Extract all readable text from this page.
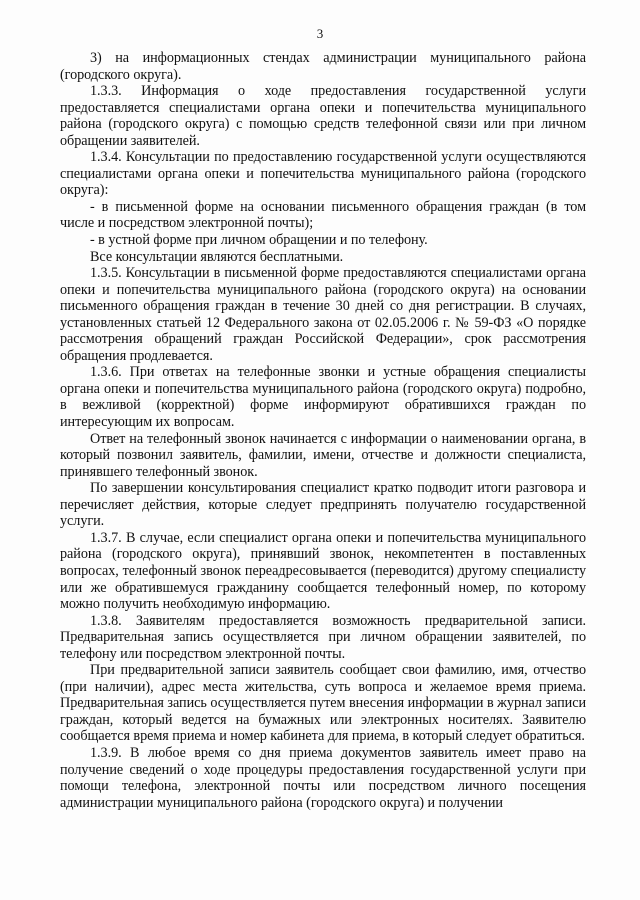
3

3) на информационных стендах администрации муниципального района (городского округа).

1.3.3. Информация о ходе предоставления государственной услуги предоставляется специалистами органа опеки и попечительства муниципального района (городского округа) с помощью средств телефонной связи или при личном обращении заявителей.

1.3.4. Консультации по предоставлению государственной услуги осуществляются специалистами органа опеки и попечительства муниципального района (городского округа):

- в письменной форме на основании письменного обращения граждан (в том числе и посредством электронной почты);

- в устной форме при личном обращении и по телефону.

Все консультации являются бесплатными.

1.3.5. Консультации в письменной форме предоставляются специалистами органа опеки и попечительства муниципального района (городского округа) на основании письменного обращения граждан в течение 30 дней со дня регистрации. В случаях, установленных статьей 12 Федерального закона от 02.05.2006 г. № 59-ФЗ «О порядке рассмотрения обращений граждан Российской Федерации», срок рассмотрения обращения продлевается.

1.3.6. При ответах на телефонные звонки и устные обращения специалисты органа опеки и попечительства муниципального района (городского округа) подробно, в вежливой (корректной) форме информируют обратившихся граждан по интересующим их вопросам.

Ответ на телефонный звонок начинается с информации о наименовании органа, в который позвонил заявитель, фамилии, имени, отчестве и должности специалиста, принявшего телефонный звонок.

По завершении консультирования специалист кратко подводит итоги разговора и перечисляет действия, которые следует предпринять получателю государственной услуги.

1.3.7. В случае, если специалист органа опеки и попечительства муниципального района (городского округа), принявший звонок, некомпетентен в поставленных вопросах, телефонный звонок переадресовывается (переводится) другому специалисту или же обратившемуся гражданину сообщается телефонный номер, по которому можно получить необходимую информацию.

1.3.8. Заявителям предоставляется возможность предварительной записи. Предварительная запись осуществляется при личном обращении заявителей, по телефону или посредством электронной почты.

При предварительной записи заявитель сообщает свои фамилию, имя, отчество (при наличии), адрес места жительства, суть вопроса и желаемое время приема. Предварительная запись осуществляется путем внесения информации в журнал записи граждан, который ведется на бумажных или электронных носителях. Заявителю сообщается время приема и номер кабинета для приема, в который следует обратиться.

1.3.9. В любое время со дня приема документов заявитель имеет право на получение сведений о ходе процедуры предоставления государственной услуги при помощи телефона, электронной почты или посредством личного посещения администрации муниципального района (городского округа) и получении
